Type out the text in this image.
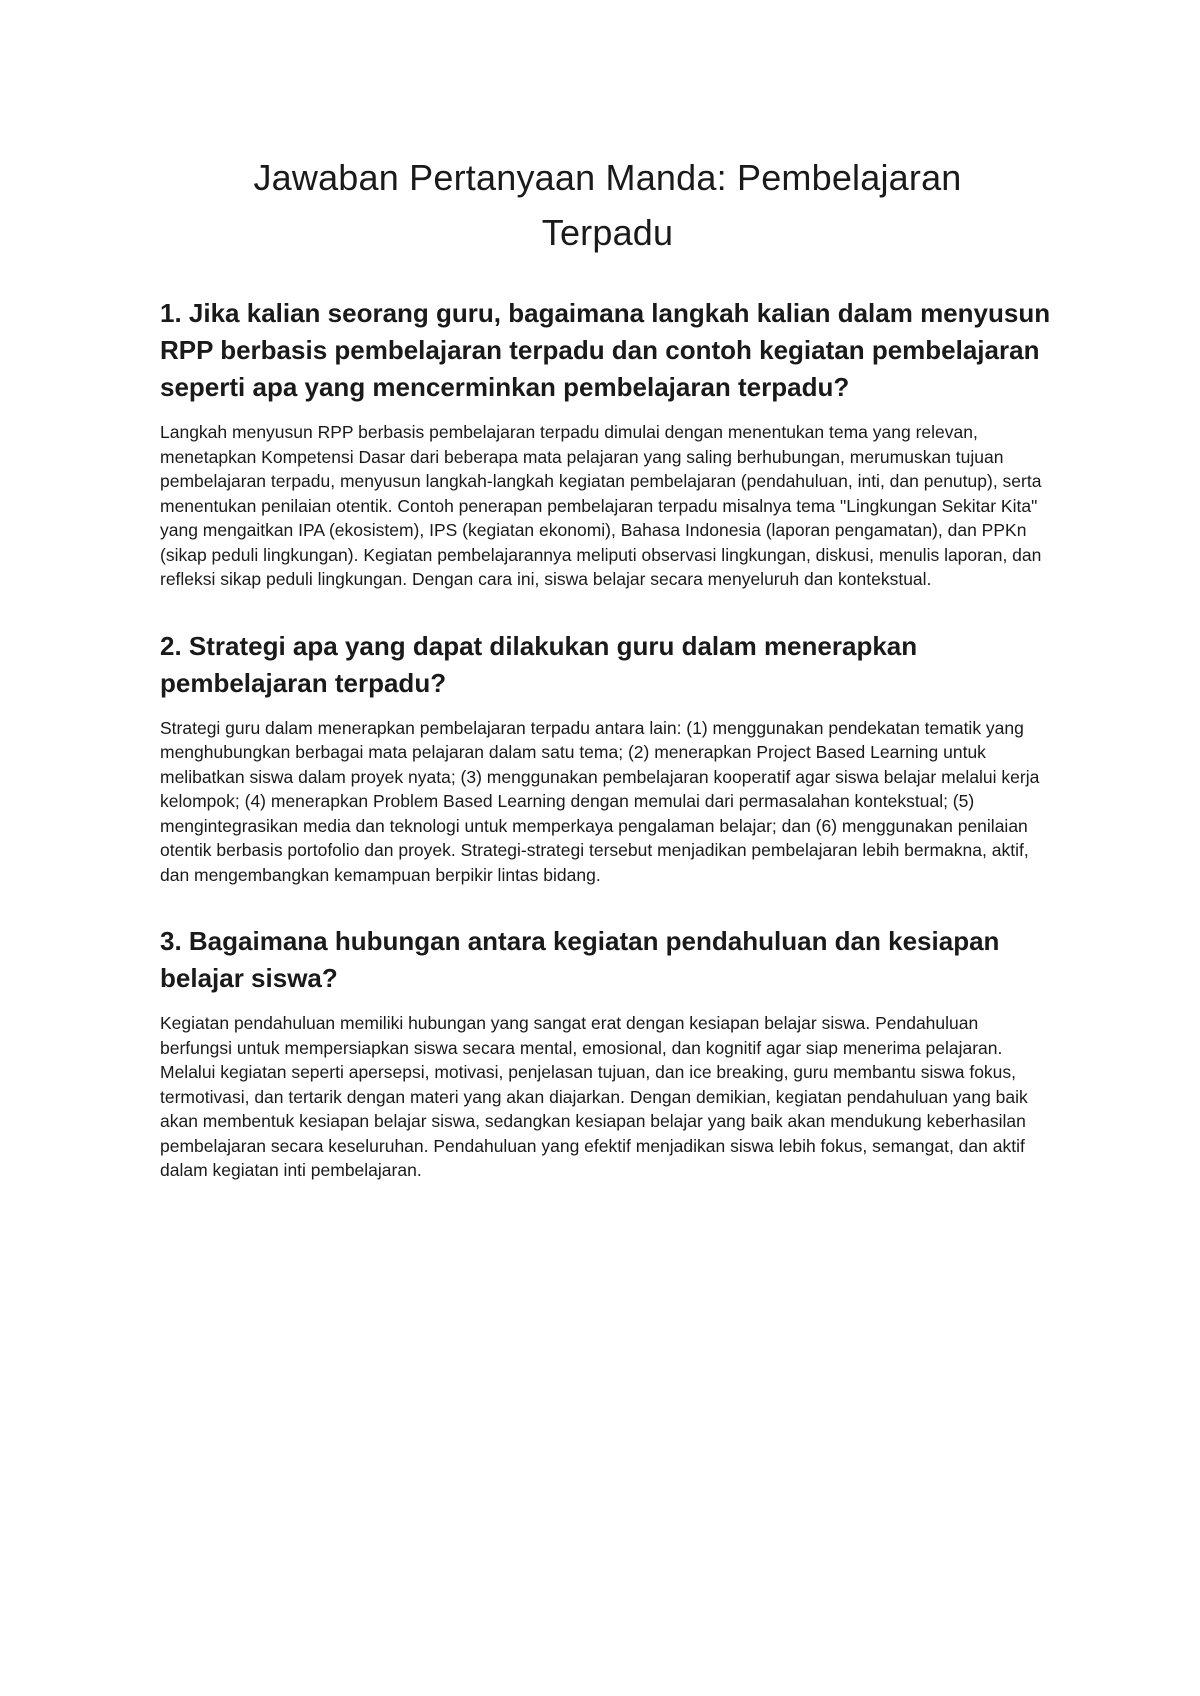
Jawaban Pertanyaan Manda: Pembelajaran Terpadu
1. Jika kalian seorang guru, bagaimana langkah kalian dalam menyusun RPP berbasis pembelajaran terpadu dan contoh kegiatan pembelajaran seperti apa yang mencerminkan pembelajaran terpadu?

Langkah menyusun RPP berbasis pembelajaran terpadu dimulai dengan menentukan tema yang relevan, menetapkan Kompetensi Dasar dari beberapa mata pelajaran yang saling berhubungan, merumuskan tujuan pembelajaran terpadu, menyusun langkah-langkah kegiatan pembelajaran (pendahuluan, inti, dan penutup), serta menentukan penilaian otentik. Contoh penerapan pembelajaran terpadu misalnya tema "Lingkungan Sekitar Kita" yang mengaitkan IPA (ekosistem), IPS (kegiatan ekonomi), Bahasa Indonesia (laporan pengamatan), dan PPKn (sikap peduli lingkungan). Kegiatan pembelajarannya meliputi observasi lingkungan, diskusi, menulis laporan, dan refleksi sikap peduli lingkungan. Dengan cara ini, siswa belajar secara menyeluruh dan kontekstual.

2. Strategi apa yang dapat dilakukan guru dalam menerapkan pembelajaran terpadu?

Strategi guru dalam menerapkan pembelajaran terpadu antara lain: (1) menggunakan pendekatan tematik yang menghubungkan berbagai mata pelajaran dalam satu tema; (2) menerapkan Project Based Learning untuk melibatkan siswa dalam proyek nyata; (3) menggunakan pembelajaran kooperatif agar siswa belajar melalui kerja kelompok; (4) menerapkan Problem Based Learning dengan memulai dari permasalahan kontekstual; (5) mengintegrasikan media dan teknologi untuk memperkaya pengalaman belajar; dan (6) menggunakan penilaian otentik berbasis portofolio dan proyek. Strategi-strategi tersebut menjadikan pembelajaran lebih bermakna, aktif, dan mengembangkan kemampuan berpikir lintas bidang.

3. Bagaimana hubungan antara kegiatan pendahuluan dan kesiapan belajar siswa?

Kegiatan pendahuluan memiliki hubungan yang sangat erat dengan kesiapan belajar siswa. Pendahuluan berfungsi untuk mempersiapkan siswa secara mental, emosional, dan kognitif agar siap menerima pelajaran. Melalui kegiatan seperti apersepsi, motivasi, penjelasan tujuan, dan ice breaking, guru membantu siswa fokus, termotivasi, dan tertarik dengan materi yang akan diajarkan. Dengan demikian, kegiatan pendahuluan yang baik akan membentuk kesiapan belajar siswa, sedangkan kesiapan belajar yang baik akan mendukung keberhasilan pembelajaran secara keseluruhan. Pendahuluan yang efektif menjadikan siswa lebih fokus, semangat, dan aktif dalam kegiatan inti pembelajaran.
